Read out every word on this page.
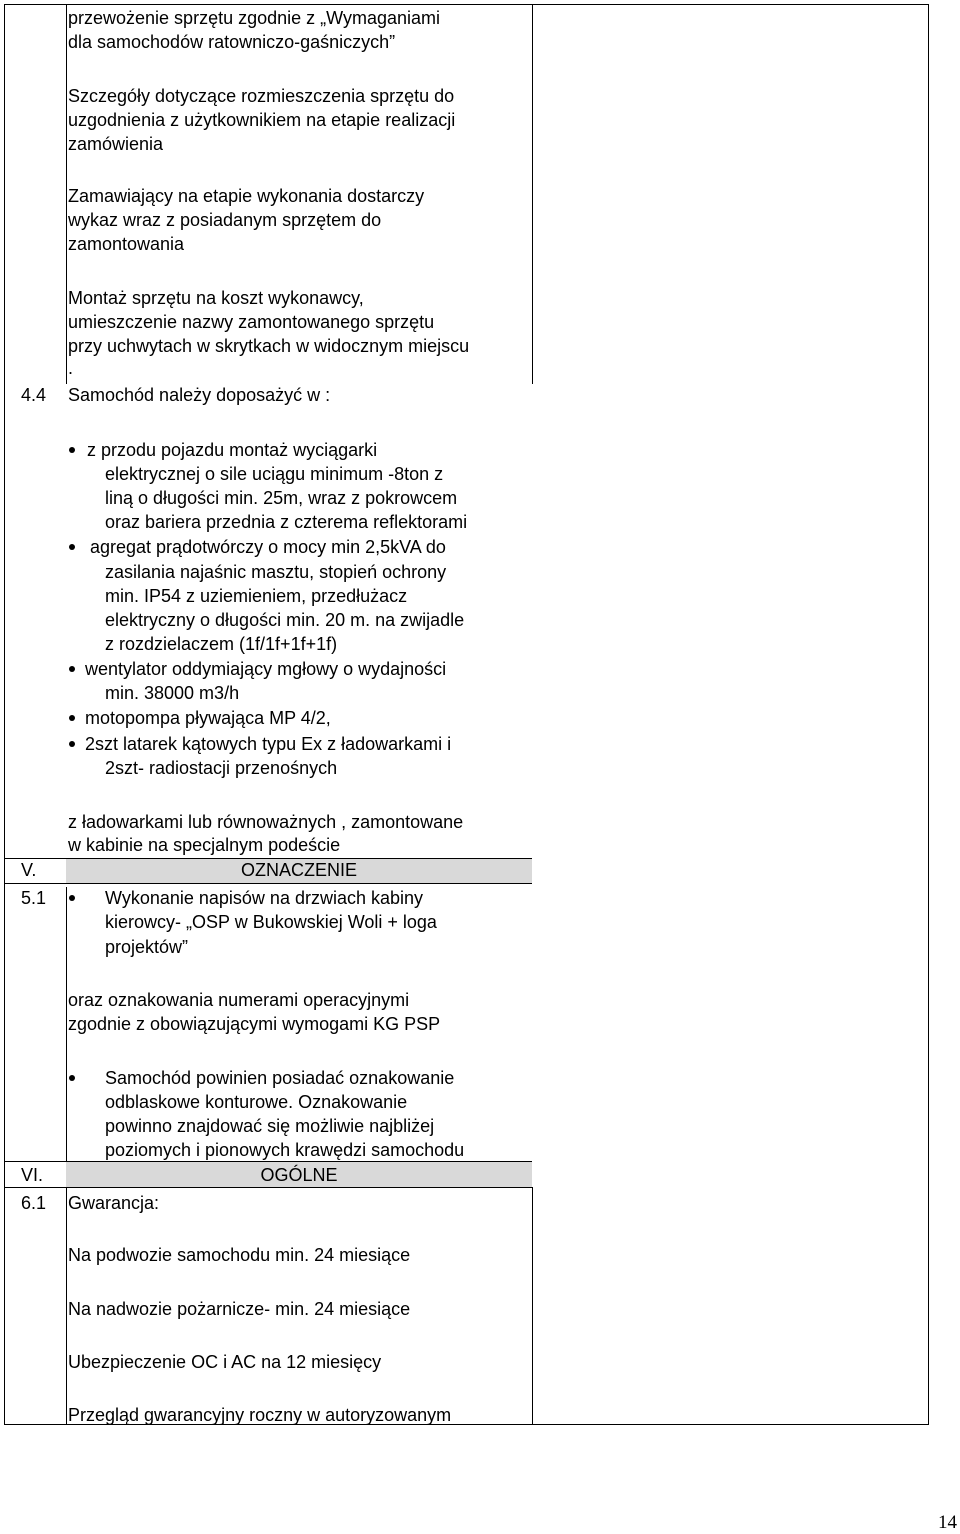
przewożenie sprzętu zgodnie z „Wymaganiami
dla samochodów ratowniczo-gaśniczych”
Szczegóły dotyczące rozmieszczenia sprzętu do
uzgodnienia z użytkownikiem na etapie realizacji
zamówienia
Zamawiający na etapie wykonania dostarczy
wykaz wraz z posiadanym sprzętem do
zamontowania
Montaż sprzętu na koszt wykonawcy,
umieszczenie nazwy zamontowanego sprzętu
przy uchwytach w skrytkach w widocznym miejscu
.
4.4 Samochód należy doposażyć w :
z przodu pojazdu montaż wyciągarki
elektrycznej o sile uciągu minimum -8ton z
liną o długości min. 25m, wraz z pokrowcem
oraz bariera przednia z czterema reflektorami
agregat prądotwórczy o mocy min 2,5kVA do
zasilania najaśnic masztu, stopień ochrony
min. IP54 z uziemieniem, przedłużacz
elektryczny o długości min. 20 m. na zwijadle
z rozdzielaczem (1f/1f+1f+1f)
wentylator oddymiający mgłowy o wydajności
min. 38000 m3/h
motopompa pływająca MP 4/2,
2szt latarek kątowych typu Ex z ładowarkami i
2szt- radiostacji przenośnych
z ładowarkami lub równoważnych , zamontowane
w kabinie na specjalnym podeście
V.	OZNACZENIE
5.1	Wykonanie napisów na drzwiach kabiny
kierowcy- „OSP w Bukowskiej Woli + loga
projektów”
oraz oznakowania numerami operacyjnymi
zgodnie z obowiązującymi wymogami KG PSP
Samochód powinien posiadać oznakowanie
odblaskowe konturowe. Oznakowanie
powinno znajdować się możliwie najbliżej
poziomych i pionowych krawędzi samochodu
VI.	OGÓLNE
6.1 Gwarancja:
Na podwozie samochodu min. 24 miesiące
Na nadwozie pożarnicze- min. 24 miesiące
Ubezpieczenie OC i AC na 12 miesięcy
Przegląd gwarancyjny roczny w autoryzowanym
14
